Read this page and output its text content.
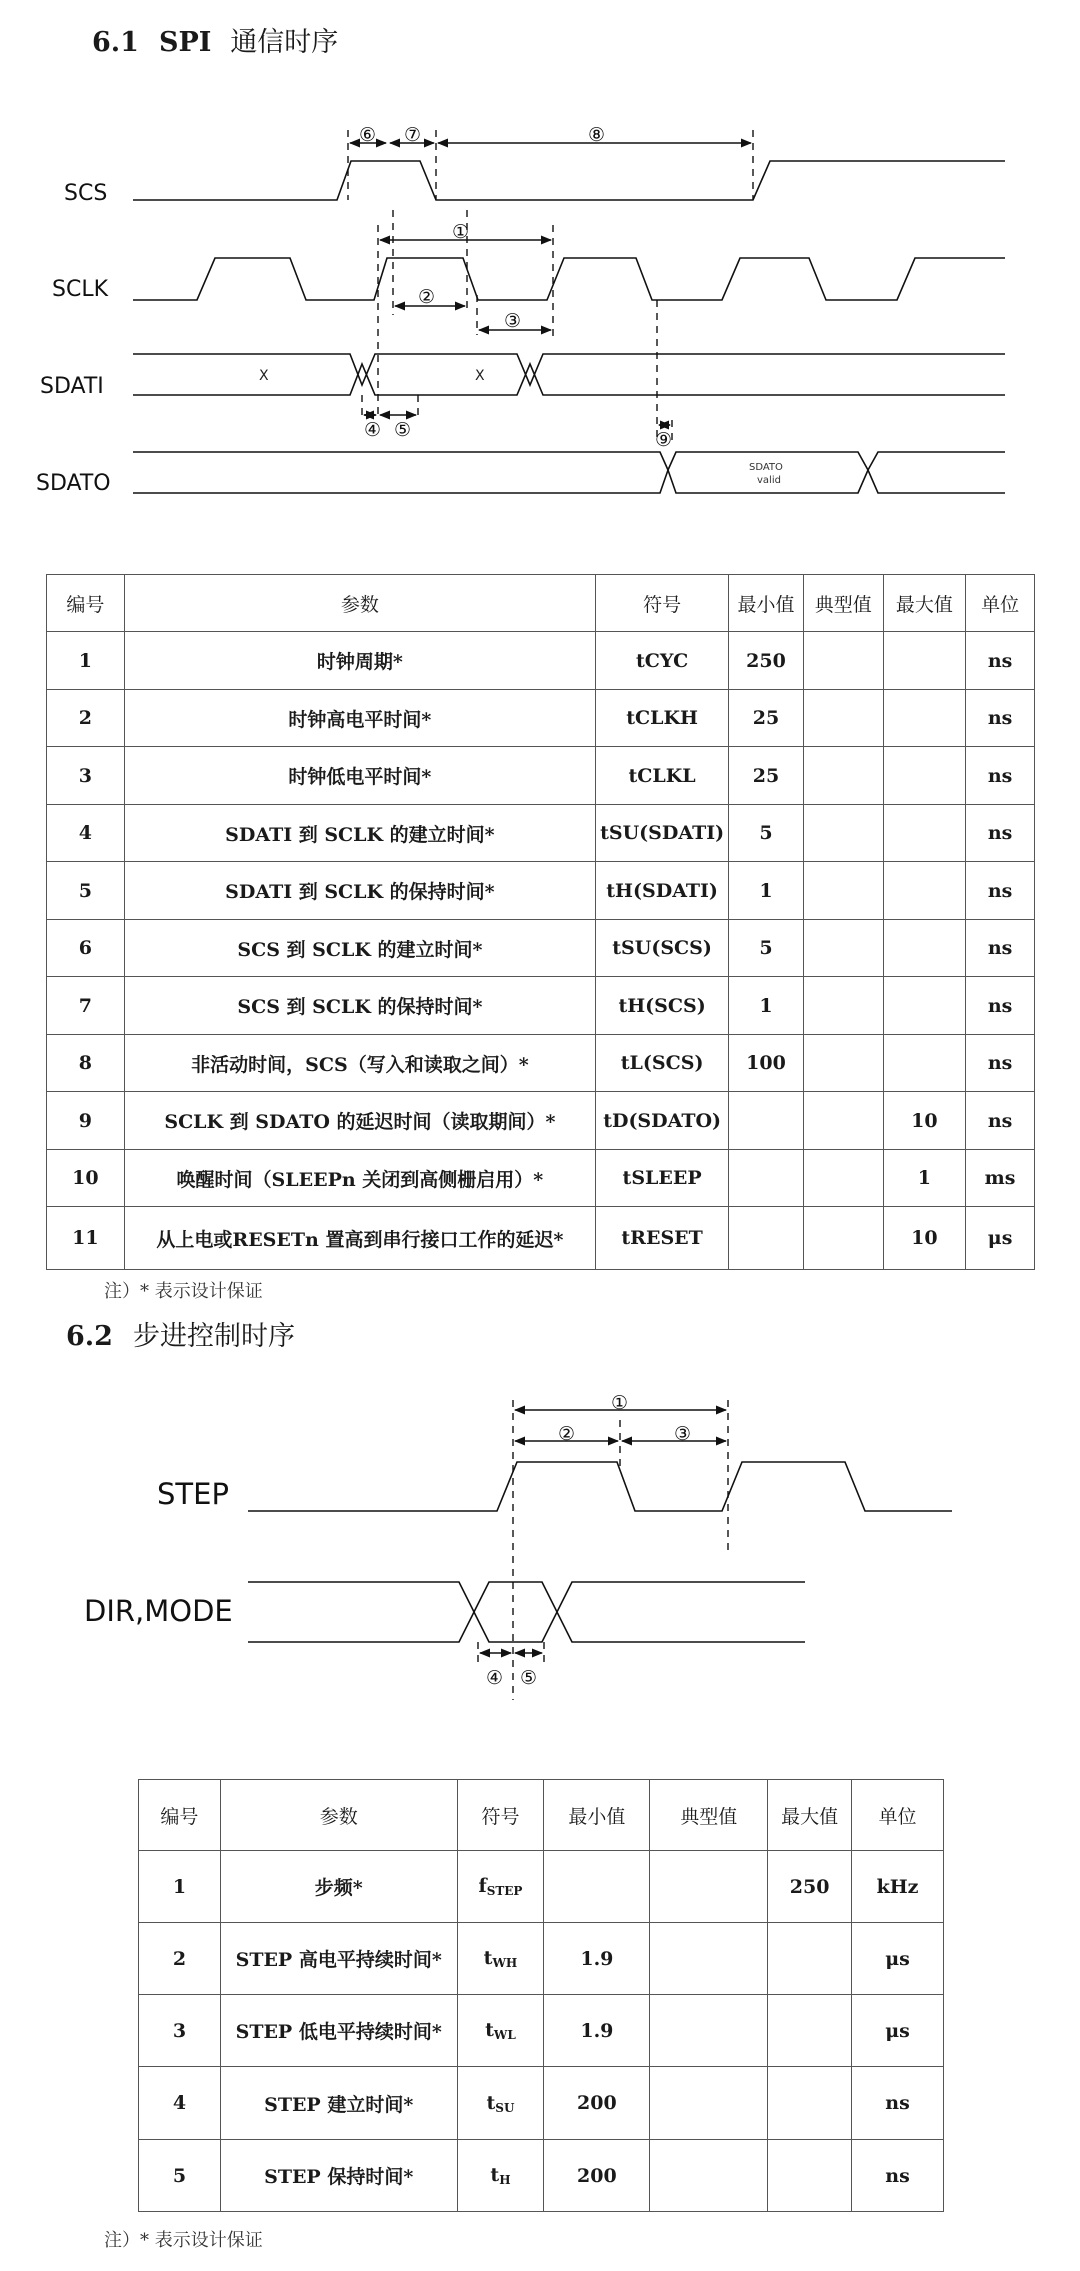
6.1 SPI 通信时序
SCS
SCLK
SDATI
SDATO
X	X
SDATO
valid
⑥ ⑦	⑧
①
②
③
④ ⑤	⑨
编号	参数	符号	最小值	典型值	最大值	单位
1	时钟周期*	tCYC	250			ns
2	时钟高电平时间*	tCLKH	25			ns
3	时钟低电平时间*	tCLKL	25			ns
4	SDATI 到 SCLK 的建立时间*	tSU(SDATI)	5			ns
5	SDATI 到 SCLK 的保持时间*	tH(SDATI)	1			ns
6	SCS 到 SCLK 的建立时间*	tSU(SCS)	5			ns
7	SCS 到 SCLK 的保持时间*	tH(SCS)	1			ns
8	非活动时间，SCS（写入和读取之间）*	tL(SCS)	100			ns
9	SCLK 到 SDATO 的延迟时间（读取期间）*	tD(SDATO)			10	ns
10	唤醒时间（SLEEPn 关闭到高侧栅启用）*	tSLEEP			1	ms
11	从上电或RESETn 置高到串行接口工作的延迟*	tRESET			10	μs
注）* 表示设计保证
6.2 步进控制时序
STEP
DIR,MODE
①
②	③
④ ⑤
编号	参数	符号	最小值	典型值	最大值	单位
1	步频*	$f_{STEP}$			250	kHz
2	STEP 高电平持续时间*	$t_{WH}$	1.9			μs
3	STEP 低电平持续时间*	$t_{WL}$	1.9			μs
4	STEP 建立时间*	$t_{SU}$	200			ns
5	STEP 保持时间*	$t_H$	200			ns
注）* 表示设计保证
